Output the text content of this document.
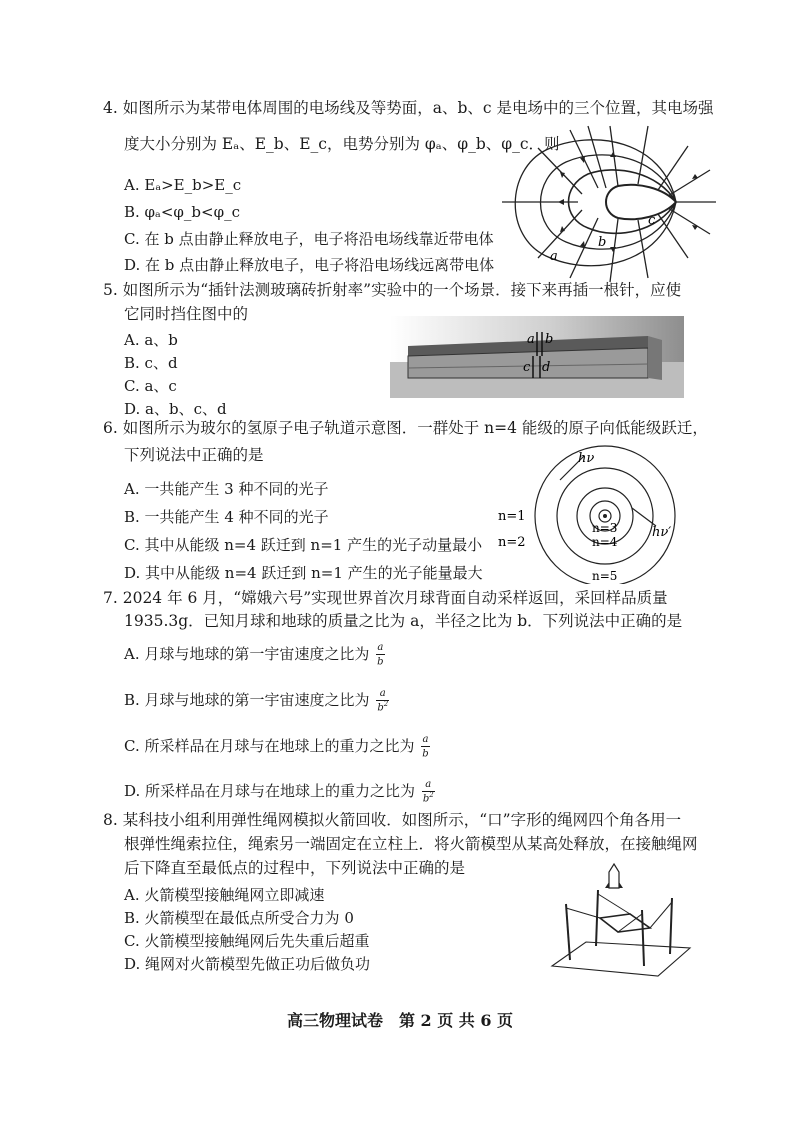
4. 如图所示为某带电体周围的电场线及等势面，a、b、c 是电场中的三个位置，其电场强
度大小分别为 Eₐ、E_b、E_c，电势分别为 φₐ、φ_b、φ_c．则
A. Eₐ>E_b>E_c
B. φₐ<φ_b<φ_c
C. 在 b 点由静止释放电子，电子将沿电场线靠近带电体
D. 在 b 点由静止释放电子，电子将沿电场线远离带电体	a
b
c
5. 如图所示为“插针法测玻璃砖折射率”实验中的一个场景．接下来再插一根针，应使
它同时挡住图中的
A. a、b
B. c、d
C. a、c
D. a、b、c、d
a b
c d
6. 如图所示为玻尔的氢原子电子轨道示意图．一群处于 n=4 能级的原子向低能级跃迁，
下列说法中正确的是
A. 一共能产生 3 种不同的光子
B. 一共能产生 4 种不同的光子
C. 其中从能级 n=4 跃迁到 n=1 产生的光子动量最小
D. 其中从能级 n=4 跃迁到 n=1 产生的光子能量最大
hν
hν′
n=1
n=2
n=3
n=4
n=5
7. 2024 年 6 月，“嫦娥六号”实现世界首次月球背面自动采样返回，采回样品质量
1935.3g．已知月球和地球的质量之比为 a，半径之比为 b．下列说法中正确的是
A. 月球与地球的第一宇宙速度之比为 $\frac{a}{b}$
B. 月球与地球的第一宇宙速度之比为 $\frac{a}{b^2}$
C. 所采样品在月球与在地球上的重力之比为 $\frac{a}{b}$
D. 所采样品在月球与在地球上的重力之比为 $\frac{a}{b^2}$
8. 某科技小组利用弹性绳网模拟火箭回收．如图所示，“口”字形的绳网四个角各用一
根弹性绳索拉住，绳索另一端固定在立柱上．将火箭模型从某高处释放，在接触绳网
后下降直至最低点的过程中，下列说法中正确的是
A. 火箭模型接触绳网立即减速
B. 火箭模型在最低点所受合力为 0
C. 火箭模型接触绳网后先失重后超重
D. 绳网对火箭模型先做正功后做负功
高三物理试卷　第 2 页 共 6 页
